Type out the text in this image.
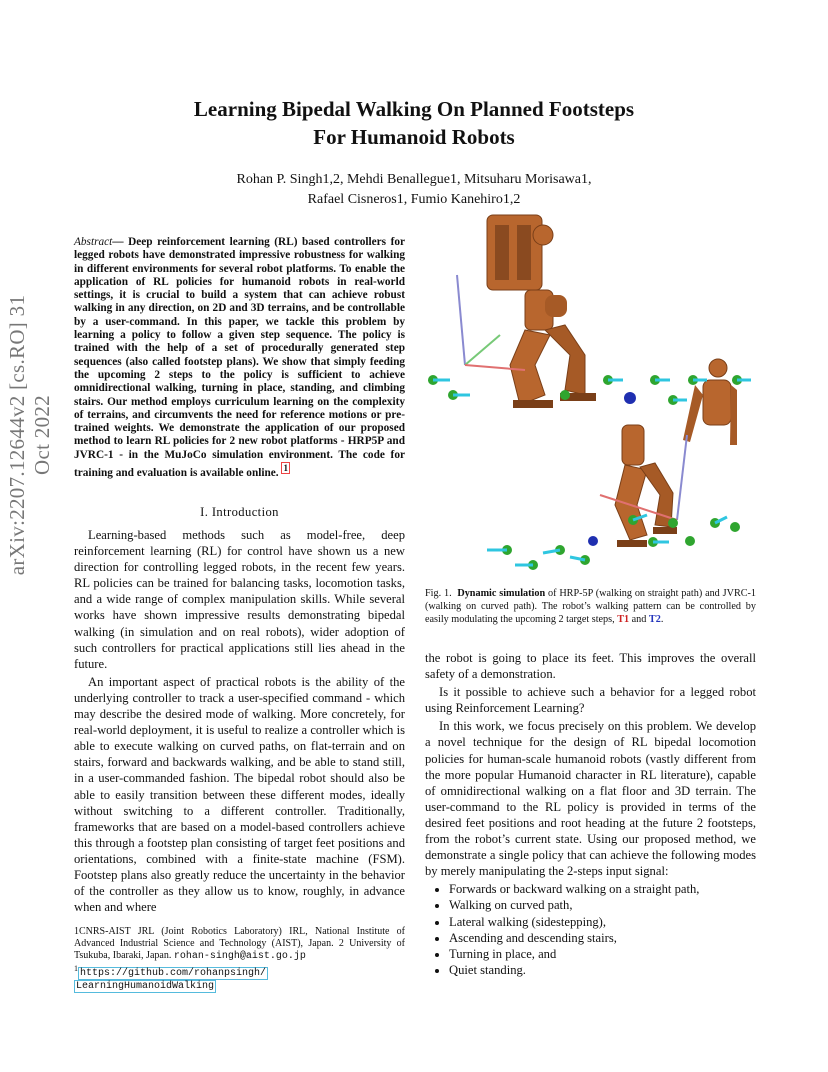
Learning Bipedal Walking On Planned Footsteps
For Humanoid Robots
Rohan P. Singh1,2, Mehdi Benallegue1, Mitsuharu Morisawa1,
Rafael Cisneros1, Fumio Kanehiro1,2
arXiv:2207.12644v2 [cs.RO] 31 Oct 2022
Abstract— Deep reinforcement learning (RL) based controllers for legged robots have demonstrated impressive robustness for walking in different environments for several robot platforms. To enable the application of RL policies for humanoid robots in real-world settings, it is crucial to build a system that can achieve robust walking in any direction, on 2D and 3D terrains, and be controllable by a user-command. In this paper, we tackle this problem by learning a policy to follow a given step sequence. The policy is trained with the help of a set of procedurally generated step sequences (also called footstep plans). We show that simply feeding the upcoming 2 steps to the policy is sufficient to achieve omnidirectional walking, turning in place, standing, and climbing stairs. Our method employs curriculum learning on the complexity of terrains, and circumvents the need for reference motions or pre-trained weights. We demonstrate the application of our proposed method to learn RL policies for 2 new robot platforms - HRP5P and JVRC-1 - in the MuJoCo simulation environment. The code for training and evaluation is available online. $^1$
I. Introduction

Learning-based methods such as model-free, deep reinforcement learning (RL) for control have shown us a new direction for controlling legged robots, in the recent few years. RL policies can be trained for balancing tasks, locomotion tasks, and a wide range of complex manipulation skills. While several works have shown impressive results demonstrating bipedal walking (in simulation and on real robots), wider adoption of such controllers for practical applications still lies ahead in the future.

An important aspect of practical robots is the ability of the underlying controller to track a user-specified command - which may describe the desired mode of walking. More concretely, for real-world deployment, it is useful to realize a controller which is able to execute walking on curved paths, on flat-terrain and on stairs, forward and backwards walking, and be able to stand still, in a user-commanded fashion. The bipedal robot should also be able to easily transition between these different modes, ideally without switching to a different controller. Traditionally, frameworks that are based on a model-based controllers achieve this through a footstep plan consisting of target feet positions and orientations, combined with a finite-state machine (FSM). Footstep plans also greatly reduce the uncertainty in the behavior of the controller as they allow us to know, roughly, in advance when and where

Fig. 1. Dynamic simulation of HRP-5P (walking on straight path) and JVRC-1 (walking on curved path). The robot’s walking pattern can be controlled by easily modulating the upcoming 2 target steps, T1 and T2.

the robot is going to place its feet. This improves the overall safety of a demonstration.

Is it possible to achieve such a behavior for a legged robot using Reinforcement Learning?

In this work, we focus precisely on this problem. We develop a novel technique for the design of RL bipedal locomotion policies for human-scale humanoid robots (vastly different from the more popular Humanoid character in RL literature), capable of omnidirectional walking on a flat floor and 3D terrain. The user-command to the RL policy is provided in terms of the desired feet positions and root heading at the future 2 footsteps, from the robot’s current state. Using our proposed method, we demonstrate a single policy that can achieve the following modes by merely manipulating the 2-steps input signal:

• Forwards or backward walking on a straight path,
• Walking on curved path,
• Lateral walking (sidestepping),
• Ascending and descending stairs,
• Turning in place, and
• Quiet standing.
1CNRS-AIST JRL (Joint Robotics Laboratory) IRL, National Institute of Advanced Industrial Science and Technology (AIST), Japan. 2 University of Tsukuba, Ibaraki, Japan. rohan-singh@aist.go.jp
$^1$ https://github.com/rohanpsingh/
LearningHumanoidWalking
